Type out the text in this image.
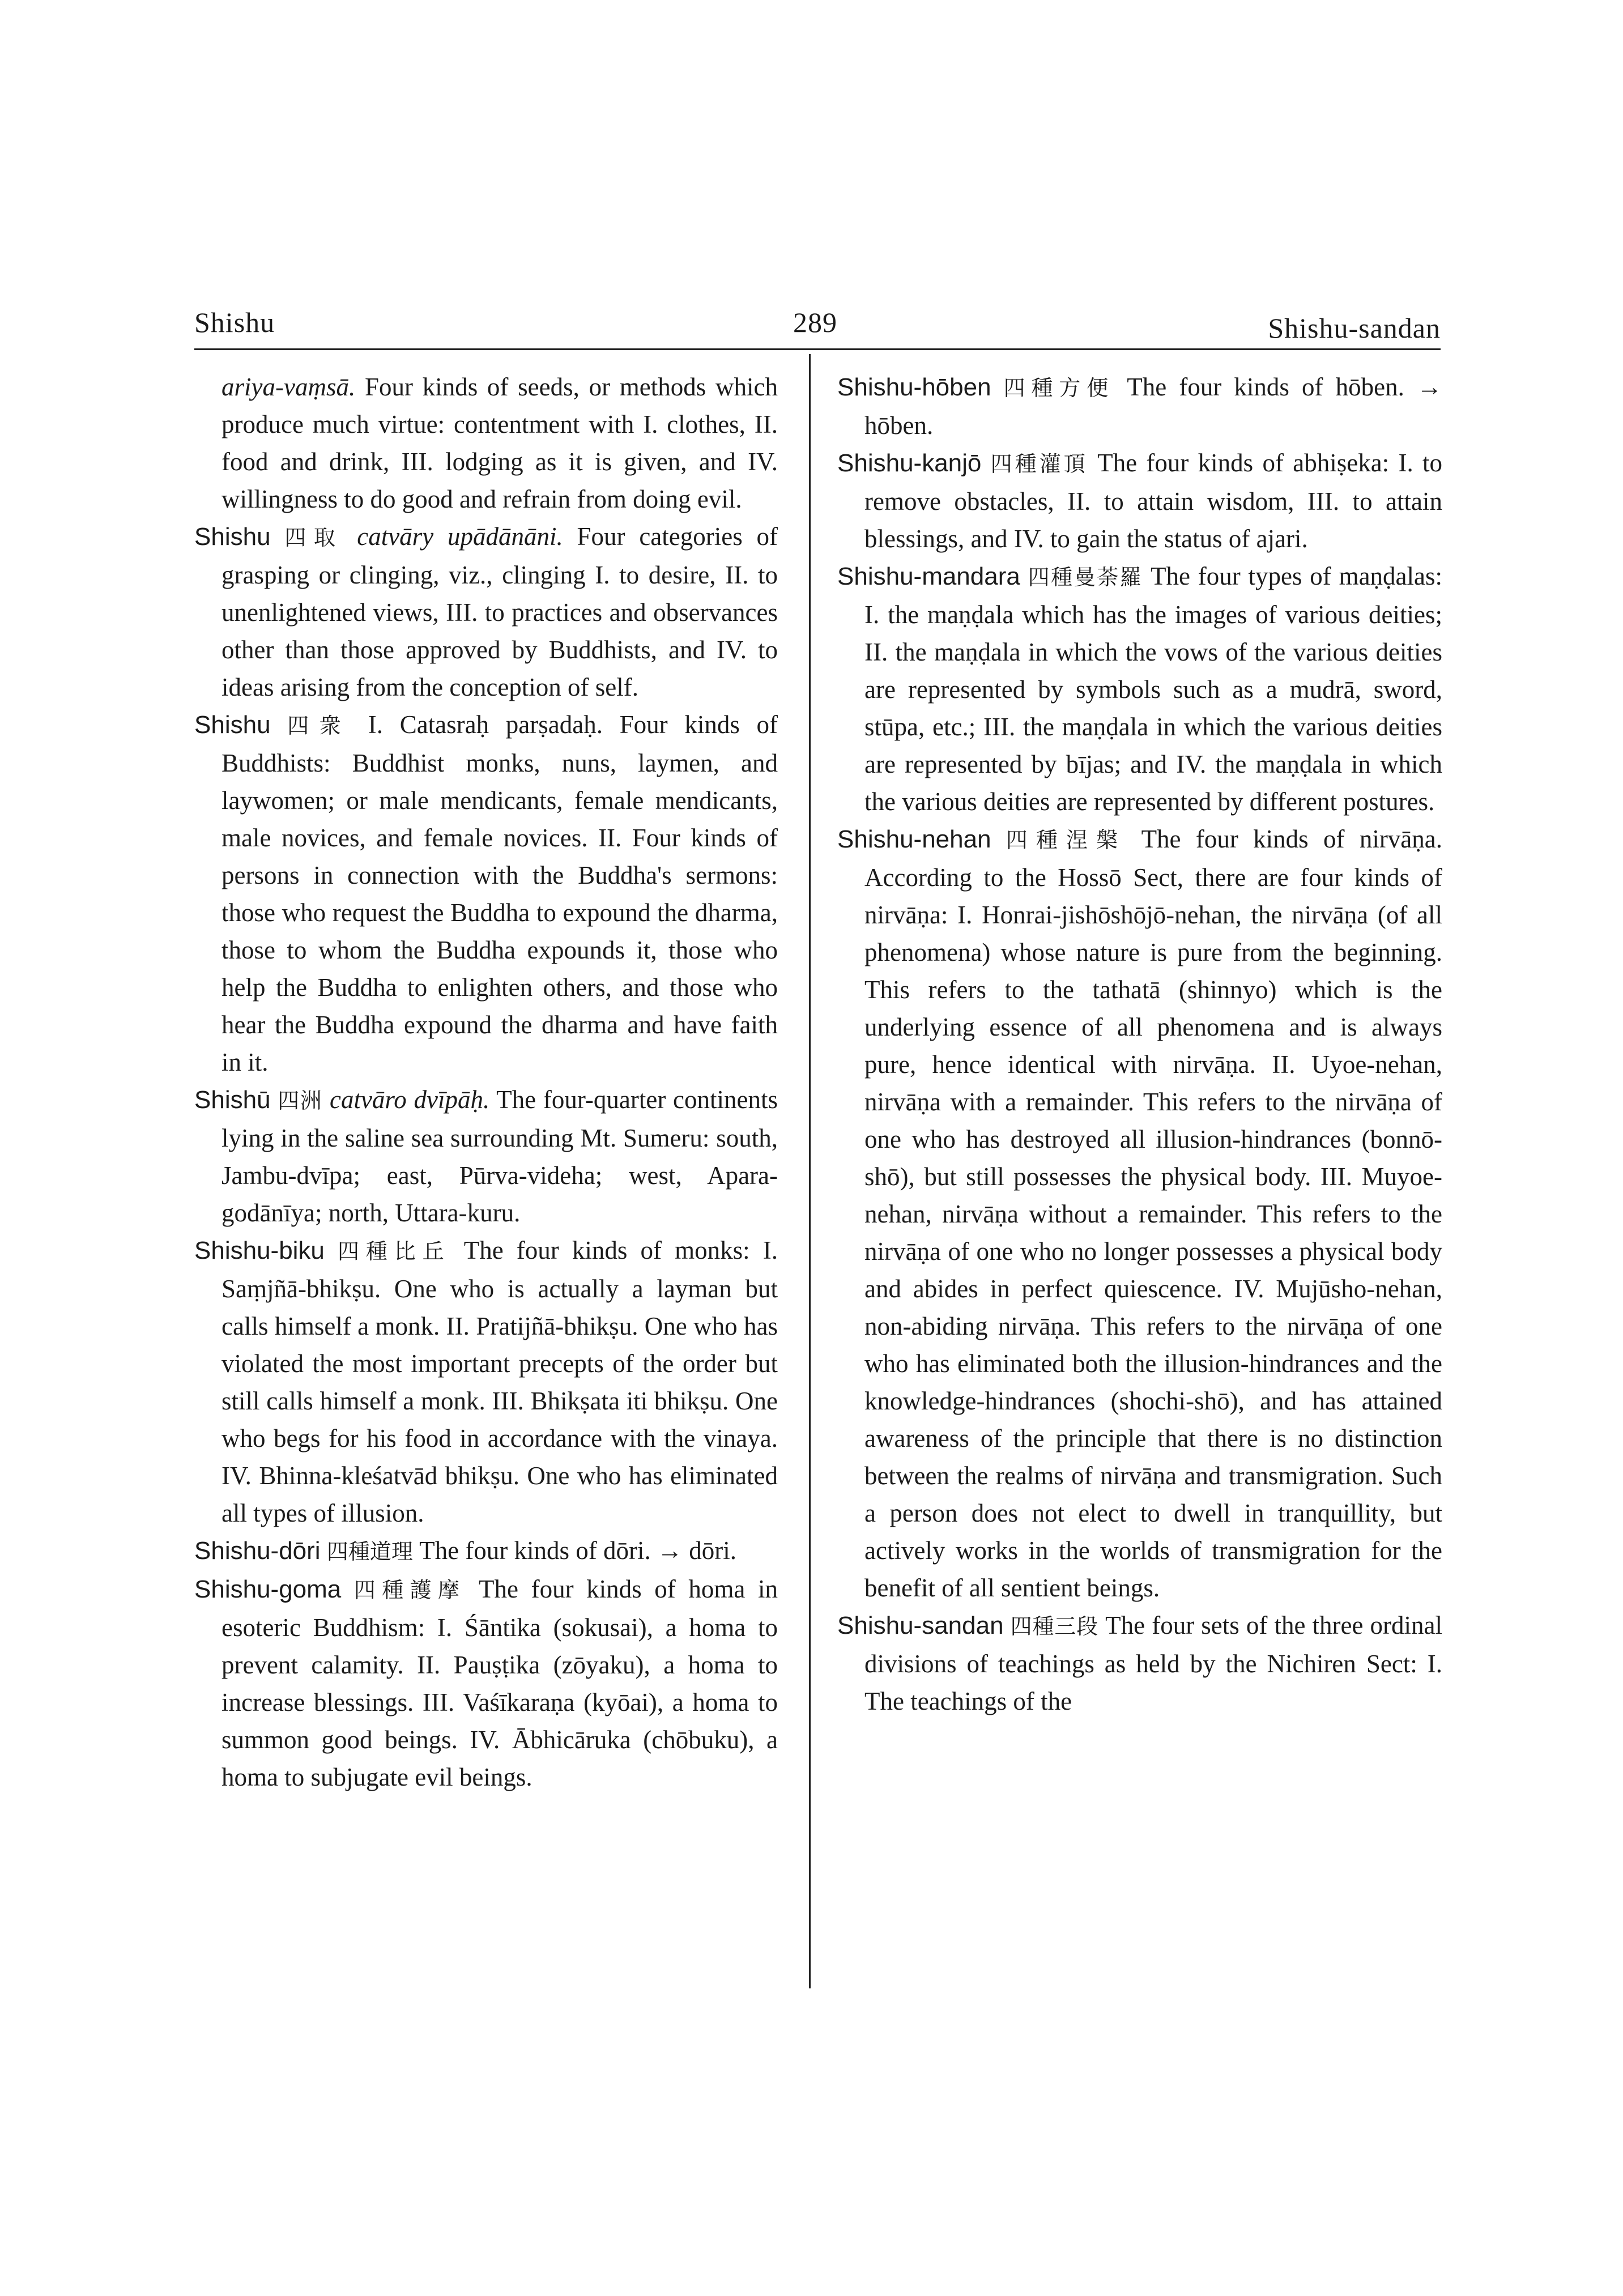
Shishu	289	Shishu-sandan

ariya-vaṃsā. Four kinds of seeds, or methods which produce much virtue: contentment with I. clothes, II. food and drink, III. lodging as it is given, and IV. willingness to do good and refrain from doing evil.

Shishu 四取 catvāry upādānāni. Four categories of grasping or clinging, viz., clinging I. to desire, II. to unenlightened views, III. to practices and observances other than those approved by Buddhists, and IV. to ideas arising from the conception of self.

Shishu 四衆 I. Catasraḥ parṣadaḥ. Four kinds of Buddhists: Buddhist monks, nuns, laymen, and laywomen; or male mendicants, female mendicants, male novices, and female novices. II. Four kinds of persons in connection with the Buddha's sermons: those who request the Buddha to expound the dharma, those to whom the Buddha expounds it, those who help the Buddha to enlighten others, and those who hear the Buddha expound the dharma and have faith in it.

Shishū 四洲 catvāro dvīpāḥ. The four-quarter continents lying in the saline sea surrounding Mt. Sumeru: south, Jambu-dvīpa; east, Pūrva-videha; west, Apara-godānīya; north, Uttara-kuru.

Shishu-biku 四種比丘 The four kinds of monks: I. Saṃjñā-bhikṣu. One who is actually a layman but calls himself a monk. II. Pratijñā-bhikṣu. One who has violated the most important precepts of the order but still calls himself a monk. III. Bhikṣata iti bhikṣu. One who begs for his food in accordance with the vinaya. IV. Bhinna-kleśatvād bhikṣu. One who has eliminated all types of illusion.

Shishu-dōri 四種道理 The four kinds of dōri. → dōri.

Shishu-goma 四種護摩 The four kinds of homa in esoteric Buddhism: I. Śāntika (sokusai), a homa to prevent calamity. II. Pauṣṭika (zōyaku), a homa to increase blessings. III. Vaśīkaraṇa (kyōai), a homa to summon good beings. IV. Ābhicāruka (chōbuku), a homa to subjugate evil beings.

Shishu-hōben 四種方便 The four kinds of hōben. → hōben.

Shishu-kanjō 四種灌頂 The four kinds of abhiṣeka: I. to remove obstacles, II. to attain wisdom, III. to attain blessings, and IV. to gain the status of ajari.

Shishu-mandara 四種曼荼羅 The four types of maṇḍalas: I. the maṇḍala which has the images of various deities; II. the maṇḍala in which the vows of the various deities are represented by symbols such as a mudrā, sword, stūpa, etc.; III. the maṇḍala in which the various deities are represented by bījas; and IV. the maṇḍala in which the various deities are represented by different postures.

Shishu-nehan 四種涅槃 The four kinds of nirvāṇa. According to the Hossō Sect, there are four kinds of nirvāṇa: I. Honrai-jishōshōjō-nehan, the nirvāṇa (of all phenomena) whose nature is pure from the beginning. This refers to the tathatā (shinnyo) which is the underlying essence of all phenomena and is always pure, hence identical with nirvāṇa. II. Uyoe-nehan, nirvāṇa with a remainder. This refers to the nirvāṇa of one who has destroyed all illusion-hindrances (bonnō-shō), but still possesses the physical body. III. Muyoe-nehan, nirvāṇa without a remainder. This refers to the nirvāṇa of one who no longer possesses a physical body and abides in perfect quiescence. IV. Mujūsho-nehan, non-abiding nirvāṇa. This refers to the nirvāṇa of one who has eliminated both the illusion-hindrances and the knowledge-hindrances (shochi-shō), and has attained awareness of the principle that there is no distinction between the realms of nirvāṇa and transmigration. Such a person does not elect to dwell in tranquillity, but actively works in the worlds of transmigration for the benefit of all sentient beings.

Shishu-sandan 四種三段 The four sets of the three ordinal divisions of teachings as held by the Nichiren Sect: I. The teachings of the
